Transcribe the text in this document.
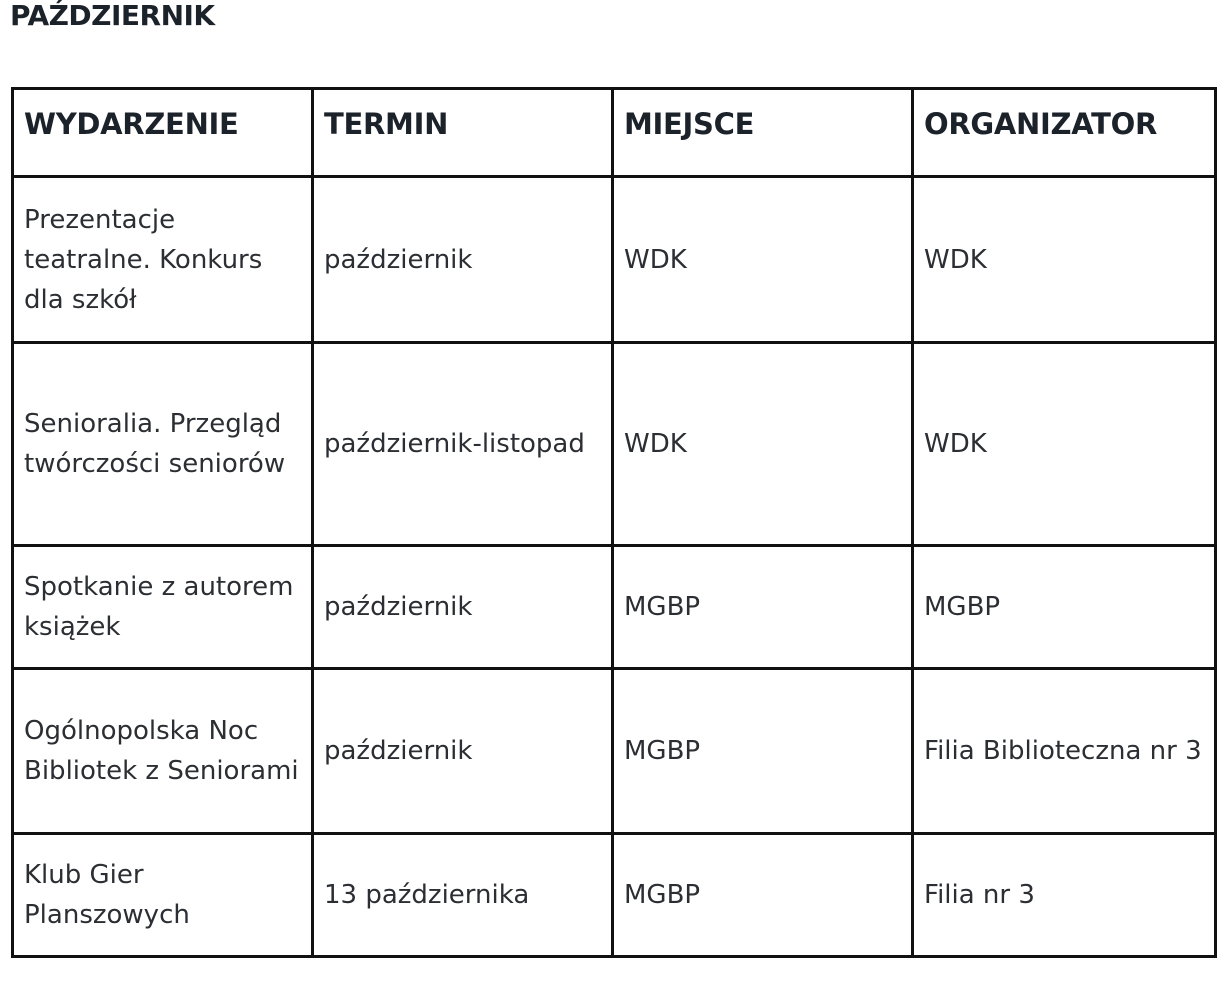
PAŹDZIERNIK
WYDARZENIE	TERMIN	MIEJSCE	ORGANIZATOR
Prezentacje teatralne. Konkurs dla szkół	październik	WDK	WDK
Senioralia. Przegląd twórczości seniorów	październik-listopad	WDK	WDK
Spotkanie z autorem książek	październik	MGBP	MGBP
Ogólnopolska Noc Bibliotek z Seniorami	październik	MGBP	Filia Biblioteczna nr 3
Klub Gier Planszowych	13 października	MGBP	Filia nr 3
